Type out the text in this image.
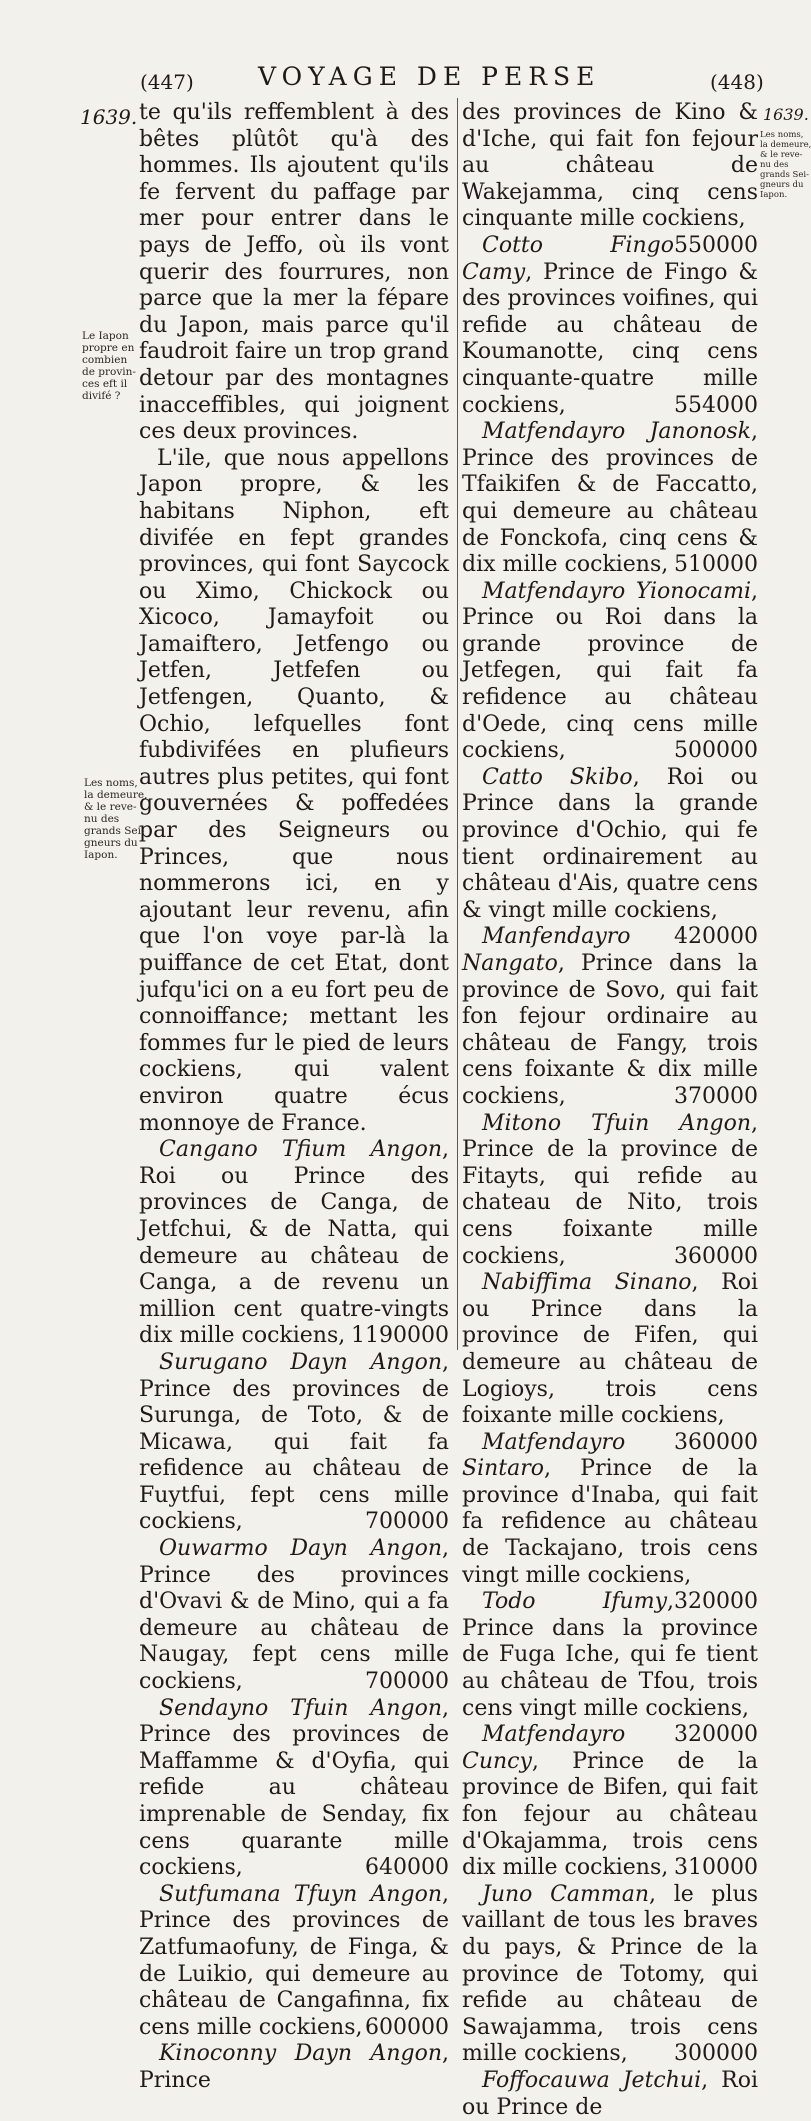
(447)	VOYAGE DE PERSE	(448)
1639.	1639.
Le Iapon
propre en
combien
de provin-
ces eft il
divifé ?
Les noms,
la demeure,
& le reve-
nu des
grands Sei-
gneurs du
Iapon.
Les noms,
la demeure,
& le reve-
nu des
grands Sei-
gneurs du
Iapon.

te qu'ils reffemblent à des bêtes plûtôt qu'à des hommes. Ils ajoutent qu'ils fe fervent du paffage par mer pour entrer dans le pays de Jeffo, où ils vont querir des fourrures, non parce que la mer la fépare du Japon, mais parce qu'il faudroit faire un trop grand detour par des montagnes inacceffibles, qui joignent ces deux provinces.

L'ile, que nous appellons Japon propre, & les habitans Niphon, eft divifée en fept grandes provinces, qui font Saycock ou Ximo, Chickock ou Xicoco, Jamayfoit ou Jamaiftero, Jetfengo ou Jetfen, Jetfefen ou Jetfengen, Quanto, & Ochio, lefquelles font fubdivifées en plufieurs autres plus petites, qui font gouvernées & poffedées par des Seigneurs ou Princes, que nous nommerons ici, en y ajoutant leur revenu, afin que l'on voye par-là la puiffance de cet Etat, dont jufqu'ici on a eu fort peu de connoiffance; mettant les fommes fur le pied de leurs cockiens, qui valent environ quatre écus monnoye de France.

Cangano Tfium Angon, Roi ou Prince des provinces de Canga, de Jetfchui, & de Natta, qui demeure au château de Canga, a de revenu un million cent quatre-vingts dix mille cockiens, 1190000

Surugano Dayn Angon, Prince des provinces de Surunga, de Toto, & de Micawa, qui fait fa refidence au château de Fuytfui, fept cens mille cockiens,	700000

Ouwarmo Dayn Angon, Prince des provinces d'Ovavi & de Mino, qui a fa demeure au château de Naugay, fept cens mille cockiens,	700000

Sendayno Tfuin Angon, Prince des provinces de Maffamme & d'Oyfia, qui refide au château imprenable de Senday, fix cens quarante mille cockiens,	640000

Sutfumana Tfuyn Angon, Prince des provinces de Zatfumaofuny, de Finga, & de Luikio, qui demeure au château de Cangafinna, fix cens mille cockiens, 600000

Kinoconny Dayn Angon, Prince

des provinces de Kino & d'Iche, qui fait fon fejour au château de Wakejamma, cinq cens cinquante mille cockiens,
550000

Cotto Fingo Camy, Prince de Fingo & des provinces voifines, qui refide au château de Koumanotte, cinq cens cinquante-quatre mille cockiens,	554000

Matfendayro Janonosk, Prince des provinces de Tfaikifen & de Faccatto, qui demeure au château de Fonckofa, cinq cens & dix mille cockiens, 510000

Matfendayro Yionocami, Prince ou Roi dans la grande province de Jetfegen, qui fait fa refidence au château d'Oede, cinq cens mille cockiens,	500000

Catto Skibo, Roi ou Prince dans la grande province d'Ochio, qui fe tient ordinairement au château d'Ais, quatre cens & vingt mille cockiens,
420000

Manfendayro Nangato, Prince dans la province de Sovo, qui fait fon fejour ordinaire au château de Fangy, trois cens foixante & dix mille cockiens,	370000

Mitono Tfuin Angon, Prince de la province de Fitayts, qui refide au chateau de Nito, trois cens foixante mille cockiens,	360000

Nabiffima Sinano, Roi ou Prince dans la province de Fifen, qui demeure au château de Logioys, trois cens foixante mille cockiens,
360000

Matfendayro Sintaro, Prince de la province d'Inaba, qui fait fa refidence au château de Tackajano, trois cens vingt mille cockiens,
320000

Todo Ifumy, Prince dans la province de Fuga Iche, qui fe tient au château de Tfou, trois cens vingt mille cockiens,
320000

Matfendayro Cuncy, Prince de la province de Bifen, qui fait fon fejour au château d'Okajamma, trois cens dix mille cockiens, 310000

Juno Camman, le plus vaillant de tous les braves du pays, & Prince de la province de Totomy, qui refide au château de Sawajamma, trois cens mille cockiens, 300000

Foffocauwa Jetchui, Roi ou Prince de
